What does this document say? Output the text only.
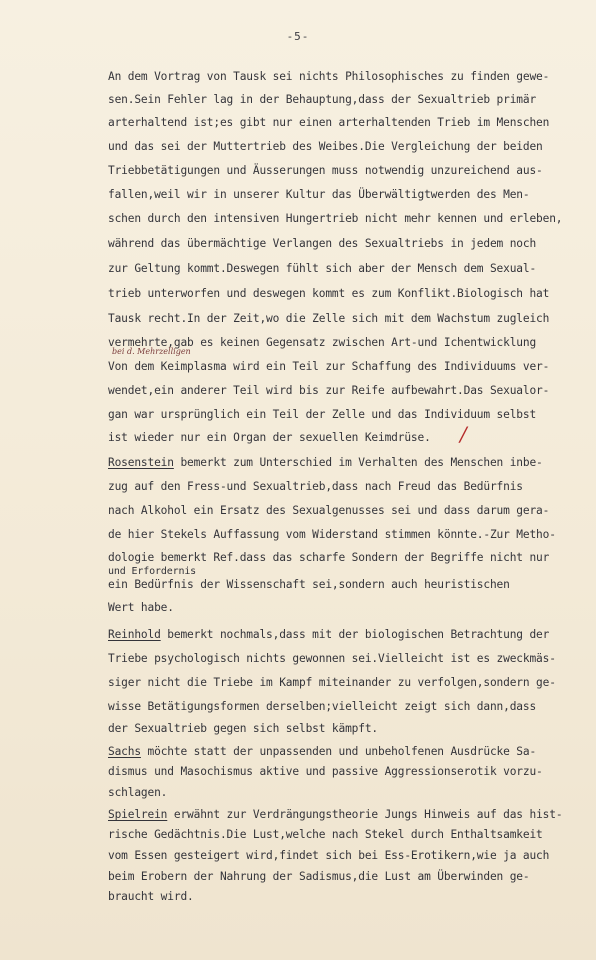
-5-
An dem Vortrag von Tausk sei nichts Philosophisches zu finden gewe-
sen.Sein Fehler lag in der Behauptung,dass der Sexualtrieb primär
arterhaltend ist;es gibt nur einen arterhaltenden Trieb im Menschen
und das sei der Muttertrieb des Weibes.Die Vergleichung der beiden
Triebbetätigungen und Äusserungen muss notwendig unzureichend aus-
fallen,weil wir in unserer Kultur das Überwältigtwerden des Men-
schen durch den intensiven Hungertrieb nicht mehr kennen und erleben,
während das übermächtige Verlangen des Sexualtriebs in jedem noch
zur Geltung kommt.Deswegen fühlt sich aber der Mensch dem Sexual-
trieb unterworfen und deswegen kommt es zum Konflikt.Biologisch hat
Tausk recht.In der Zeit,wo die Zelle sich mit dem Wachstum zugleich
vermehrte,gab es keinen Gegensatz zwischen Art-und Ichentwicklung
bei d. Mehrzelligen
Von dem Keimplasma wird ein Teil zur Schaffung des Individuums ver-
wendet,ein anderer Teil wird bis zur Reife aufbewahrt.Das Sexualor-
gan war ursprünglich ein Teil der Zelle und das Individuum selbst
ist wieder nur ein Organ der sexuellen Keimdrüse. /
Rosenstein bemerkt zum Unterschied im Verhalten des Menschen inbe-
zug auf den Fress-und Sexualtrieb,dass nach Freud das Bedürfnis
nach Alkohol ein Ersatz des Sexualgenusses sei und dass darum gera-
de hier Stekels Auffassung vom Widerstand stimmen könnte.-Zur Metho-
dologie bemerkt Ref.dass das scharfe Sondern der Begriffe nicht nur
und Erfordernis
ein Bedürfnis der Wissenschaft sei,sondern auch heuristischen
Wert habe.
Reinhold bemerkt nochmals,dass mit der biologischen Betrachtung der
Triebe psychologisch nichts gewonnen sei.Vielleicht ist es zweckmäs-
siger nicht die Triebe im Kampf miteinander zu verfolgen,sondern ge-
wisse Betätigungsformen derselben;vielleicht zeigt sich dann,dass
der Sexualtrieb gegen sich selbst kämpft.
Sachs möchte statt der unpassenden und unbeholfenen Ausdrücke Sa-
dismus und Masochismus aktive und passive Aggressionserotik vorzu-
schlagen.
Spielrein erwähnt zur Verdrängungstheorie Jungs Hinweis auf das hist-
rische Gedächtnis.Die Lust,welche nach Stekel durch Enthaltsamkeit
vom Essen gesteigert wird,findet sich bei Ess-Erotikern,wie ja auch
beim Erobern der Nahrung der Sadismus,die Lust am Überwinden ge-
braucht wird.
